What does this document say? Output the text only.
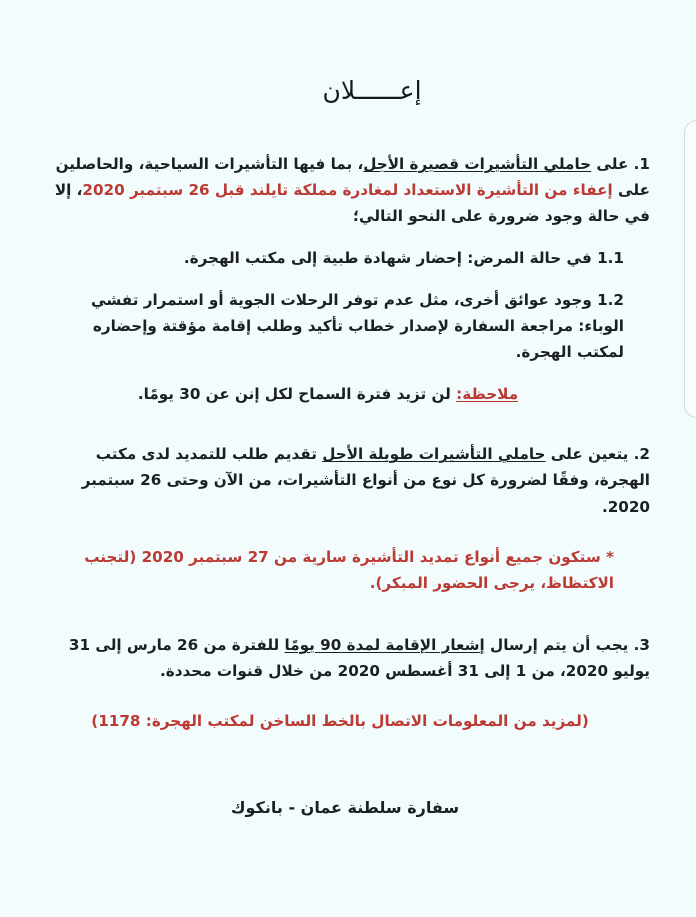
إعــــــلان

1. على حاملي التأشيرات قصيرة الأجل، بما فيها التأشيرات السياحية، والحاصلين على إعفاء من التأشيرة الاستعداد لمغادرة مملكة تايلند قبل 26 سبتمبر 2020، إلا في حالة وجود ضرورة على النحو التالي؛

1.1 في حالة المرض: إحضار شهادة طبية إلى مكتب الهجرة.

1.2 وجود عوائق أخرى، مثل عدم توفر الرحلات الجوية أو استمرار تفشي الوباء: مراجعة السفارة لإصدار خطاب تأكيد وطلب إقامة مؤقتة وإحضاره لمكتب الهجرة.

ملاحظة: لن تزيد فترة السماح لكل إنن عن 30 يومًا.

2. يتعين على حاملي التأشيرات طويلة الأجل تقديم طلب للتمديد لدى مكتب الهجرة، وفقًا لضرورة كل نوع من أنواع التأشيرات، من الآن وحتى 26 سبتمبر 2020.

* ستكون جميع أنواع تمديد التأشيرة سارية من 27 سبتمبر 2020 (لتجنب الاكتظاظ، يرجى الحضور المبكر).

3. يجب أن يتم إرسال إشعار الإقامة لمدة 90 يومًا للفترة من 26 مارس إلى 31 يوليو 2020، من 1 إلى 31 أغسطس 2020 من خلال قنوات محددة.

(لمزيد من المعلومات الاتصال بالخط الساخن لمكتب الهجرة: 1178)

سفارة سلطنة عمان - بانكوك
